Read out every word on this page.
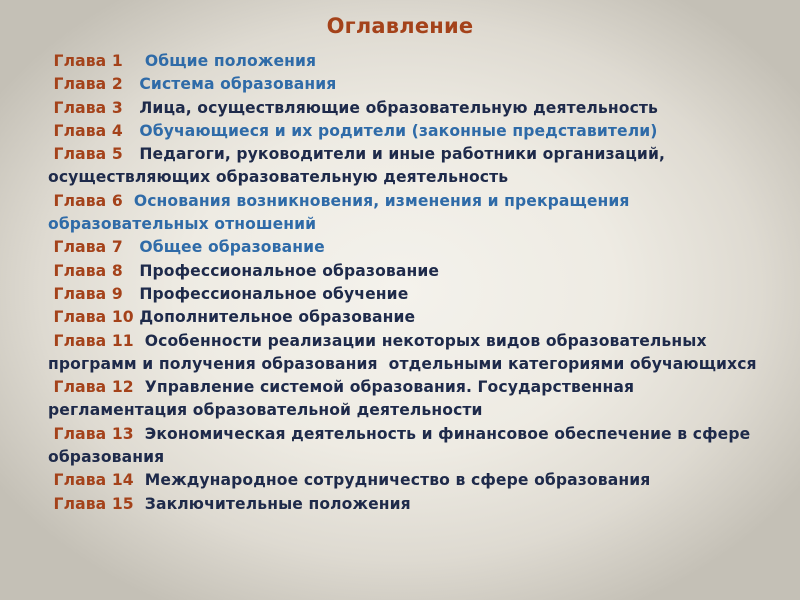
Оглавление
Глава 1    Общие положения
Глава 2   Система образования
Глава 3   Лица, осуществляющие образовательную деятельность
Глава 4   Обучающиеся и их родители (законные представители)
Глава 5   Педагоги, руководители и иные работники организаций, осуществляющих образовательную деятельность
Глава 6  Основания возникновения, изменения и прекращения образовательных отношений
Глава 7   Общее образование
Глава 8   Профессиональное образование
Глава 9   Профессиональное обучение
Глава 10 Дополнительное образование
Глава 11  Особенности реализации некоторых видов образовательных  программ и получения образования  отдельными категориями обучающихся
Глава 12  Управление системой образования. Государственная регламентация образовательной деятельности
Глава 13  Экономическая деятельность и финансовое обеспечение в сфере образования
Глава 14  Международное сотрудничество в сфере образования
Глава 15  Заключительные положения
